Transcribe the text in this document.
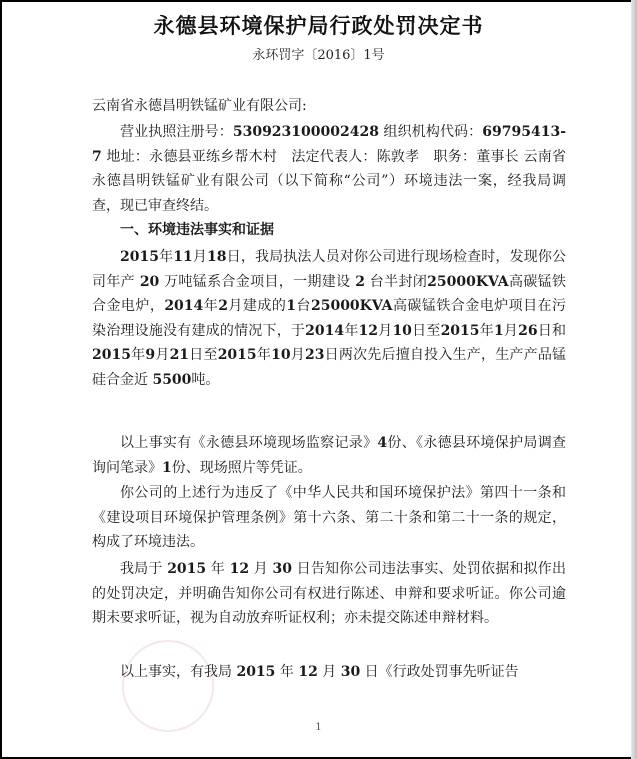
永德县环境保护局行政处罚决定书
永环罚字〔2016〕1号

云南省永德昌明铁锰矿业有限公司:

营业执照注册号：530923100002428 组织机构代码：69795413-7 地址：永德县亚练乡帮木村　法定代表人：陈敦孝　职务：董事长 云南省永德昌明铁锰矿业有限公司（以下简称“公司”）环境违法一案，经我局调查，现已审查终结。

一、环境违法事实和证据

2015年11月18日，我局执法人员对你公司进行现场检查时，发现你公司年产 20 万吨锰系合金项目，一期建设 2 台半封闭25000KVA高碳锰铁合金电炉，2014年2月建成的1台25000KVA高碳锰铁合金电炉项目在污染治理设施没有建成的情况下，于2014年12月10日至2015年1月26日和2015年9月21日至2015年10月23日两次先后擅自投入生产，生产产品锰硅合金近 5500吨。

以上事实有《永德县环境现场监察记录》4份、《永德县环境保护局调查询问笔录》1份、现场照片等凭证。

你公司的上述行为违反了《中华人民共和国环境保护法》第四十一条和《建设项目环境保护管理条例》第十六条、第二十条和第二十一条的规定，构成了环境违法。

我局于 2015 年 12 月 30 日告知你公司违法事实、处罚依据和拟作出的处罚决定，并明确告知你公司有权进行陈述、申辩和要求听证。你公司逾期未要求听证，视为自动放弃听证权利；亦未提交陈述申辩材料。

以上事实，有我局 2015 年 12 月 30 日《行政处罚事先听证告

1
